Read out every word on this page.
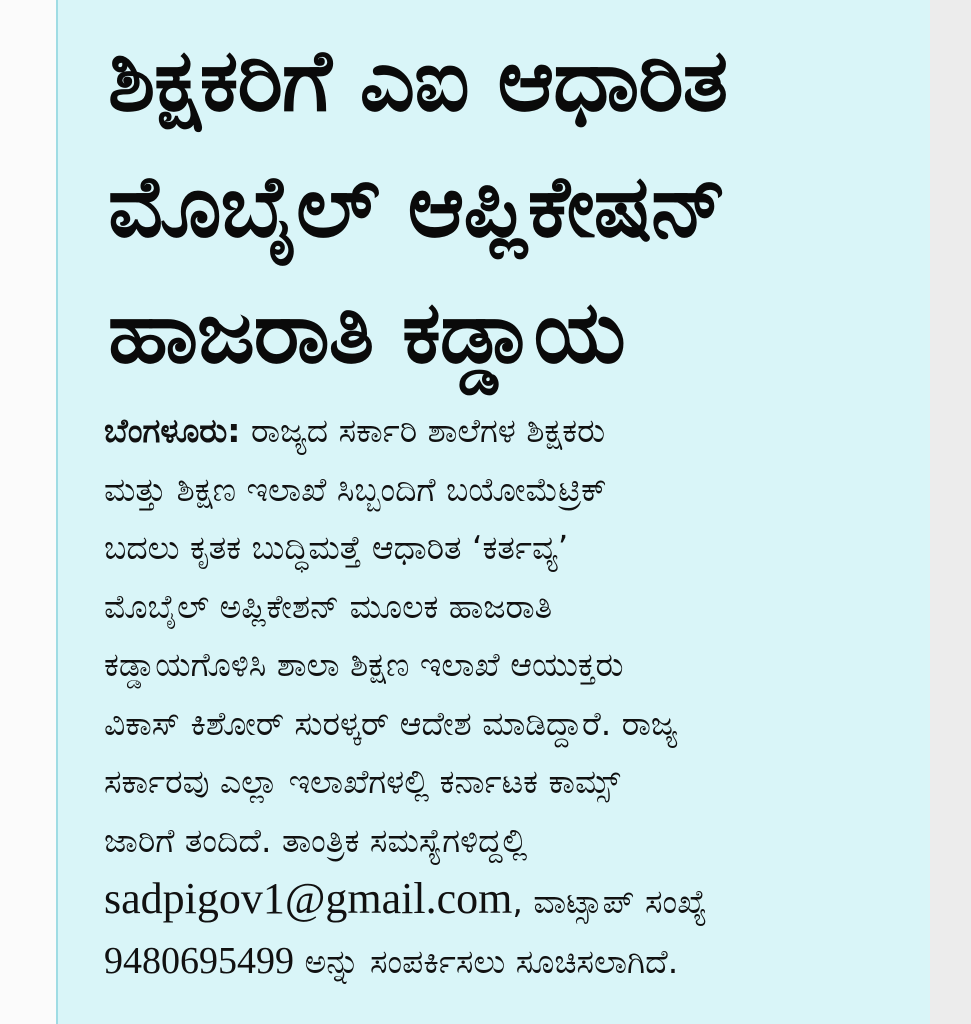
ಶಿಕ್ಷಕರಿಗೆ ಎಐ ಆಧಾರಿತ
ಮೊಬೈಲ್ ಆಪ್ಲಿಕೇಷನ್
ಹಾಜರಾತಿ ಕಡ್ಡಾಯ
ಬೆಂಗಳೂರು: ರಾಜ್ಯದ ಸರ್ಕಾರಿ ಶಾಲೆಗಳ ಶಿಕ್ಷಕರು
ಮತ್ತು ಶಿಕ್ಷಣ ಇಲಾಖೆ ಸಿಬ್ಬಂದಿಗೆ ಬಯೋಮೆಟ್ರಿಕ್
ಬದಲು ಕೃತಕ ಬುದ್ಧಿಮತ್ತೆ ಆಧಾರಿತ ‘ಕರ್ತವ್ಯ’
ಮೊಬೈಲ್ ಅಪ್ಲಿಕೇಶನ್ ಮೂಲಕ ಹಾಜರಾತಿ
ಕಡ್ಡಾಯಗೊಳಿಸಿ ಶಾಲಾ ಶಿಕ್ಷಣ ಇಲಾಖೆ ಆಯುಕ್ತರು
ವಿಕಾಸ್ ಕಿಶೋರ್ ಸುರಳ್ಕರ್ ಆದೇಶ ಮಾಡಿದ್ದಾರೆ. ರಾಜ್ಯ
ಸರ್ಕಾರವು ಎಲ್ಲಾ ಇಲಾಖೆಗಳಲ್ಲಿ ಕರ್ನಾಟಕ ಕಾಮ್ಸ್
ಜಾರಿಗೆ ತಂದಿದೆ. ತಾಂತ್ರಿಕ ಸಮಸ್ಯೆಗಳಿದ್ದಲ್ಲಿ
sadpigov1@gmail.com, ವಾಟ್ಸಾಪ್ ಸಂಖ್ಯೆ
9480695499 ಅನ್ನು ಸಂಪರ್ಕಿಸಲು ಸೂಚಿಸಲಾಗಿದೆ.
